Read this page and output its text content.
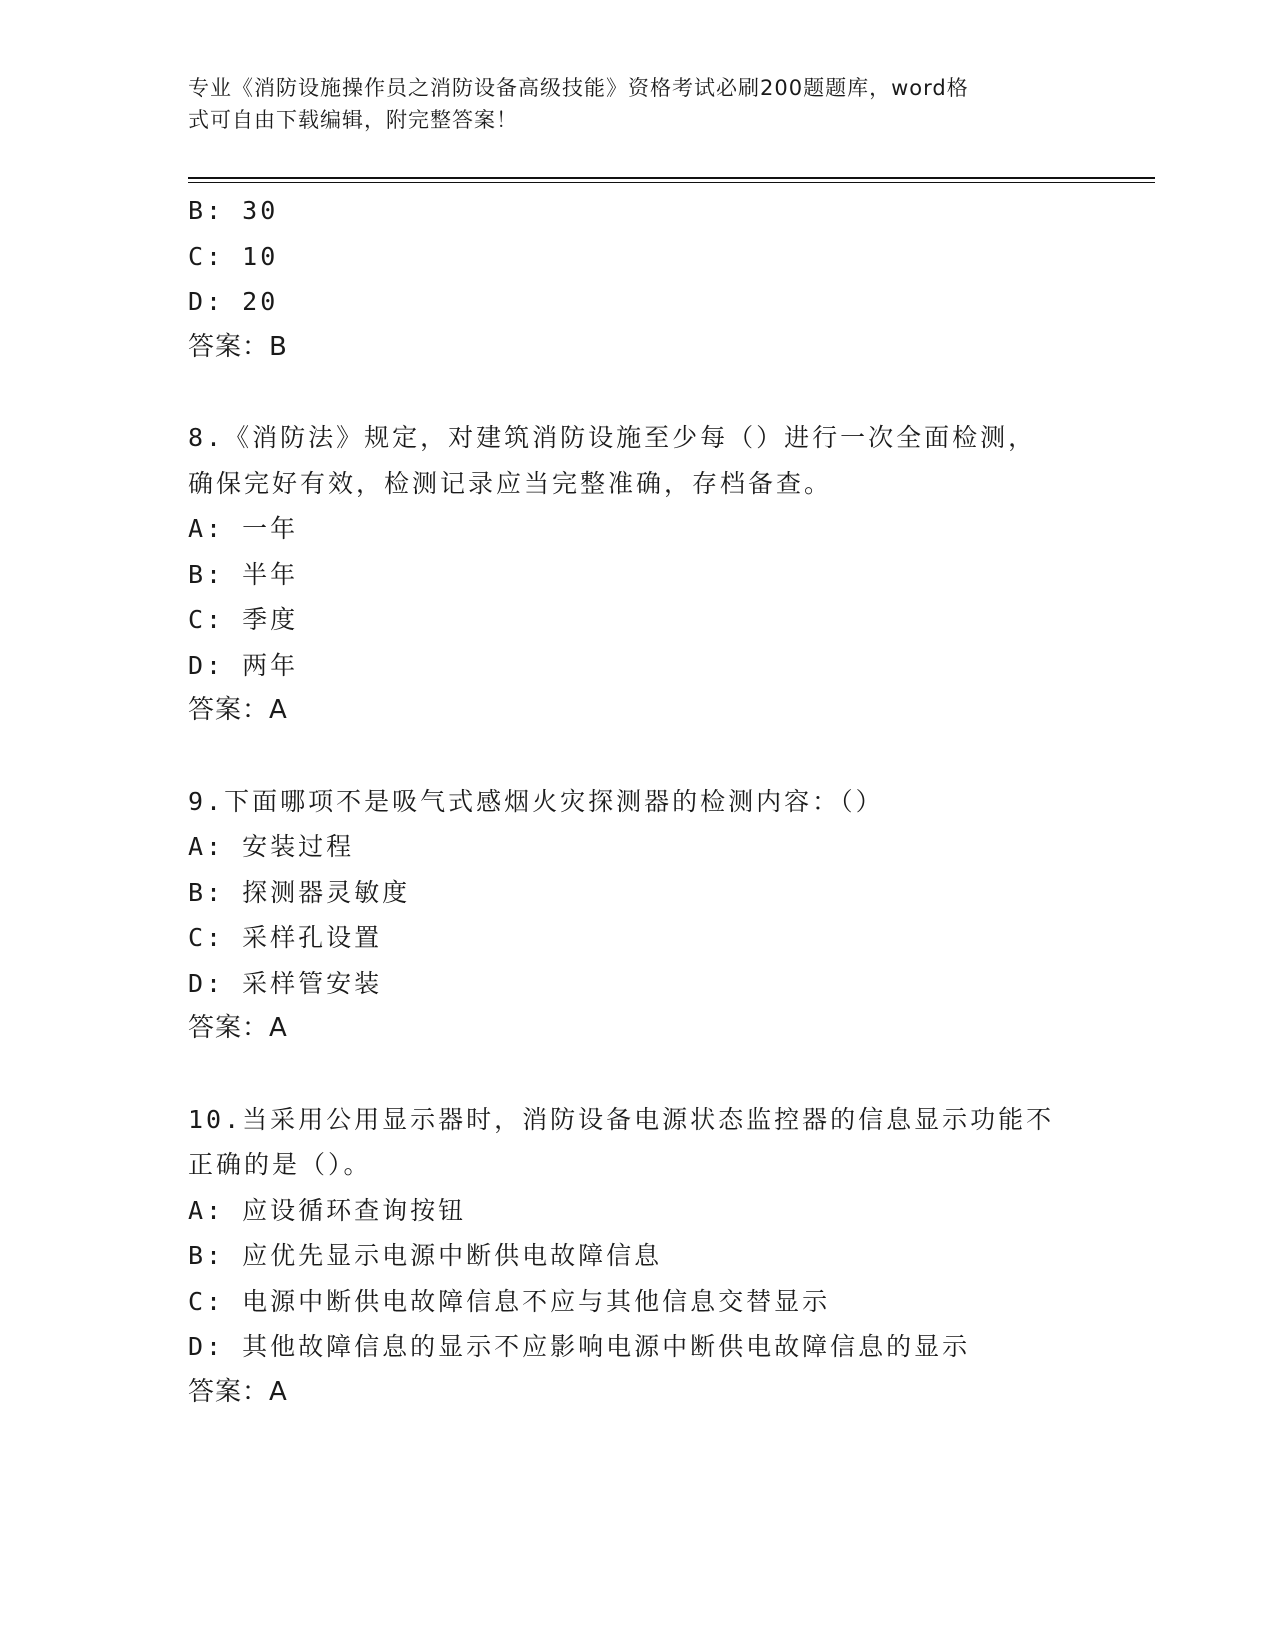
专业《消防设施操作员之消防设备高级技能》资格考试必刷200题题库，word格
式可自由下载编辑，附完整答案！
B: 30
C: 10
D: 20
答案：B
8.《消防法》规定，对建筑消防设施至少每（）进行一次全面检测，
确保完好有效，检测记录应当完整准确，存档备查。
A: 一年
B: 半年
C: 季度
D: 两年
答案：A
9.下面哪项不是吸气式感烟火灾探测器的检测内容：（）
A: 安装过程
B: 探测器灵敏度
C: 采样孔设置
D: 采样管安装
答案：A
10.当采用公用显示器时，消防设备电源状态监控器的信息显示功能不
正确的是（）。
A: 应设循环查询按钮
B: 应优先显示电源中断供电故障信息
C: 电源中断供电故障信息不应与其他信息交替显示
D: 其他故障信息的显示不应影响电源中断供电故障信息的显示
答案：A
